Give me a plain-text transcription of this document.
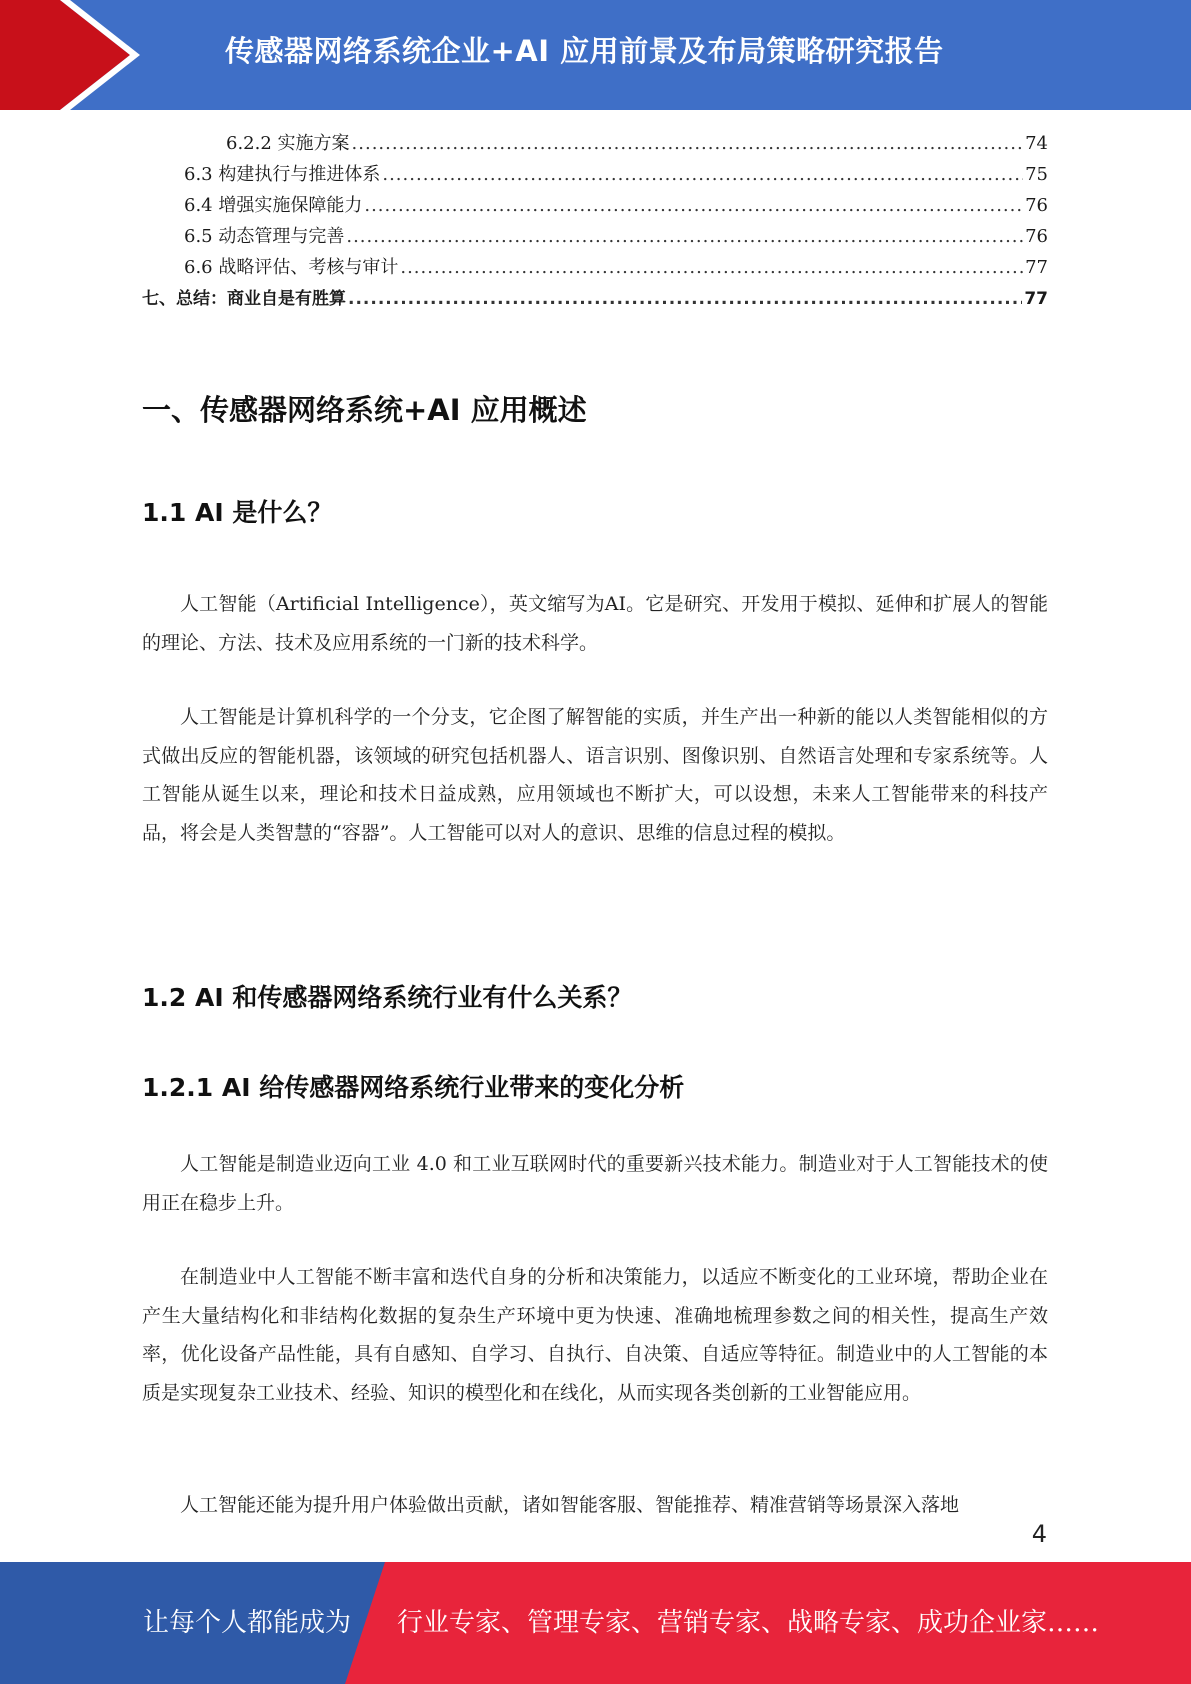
传感器网络系统企业+AI 应用前景及布局策略研究报告
6.2.2 实施方案 .....	74
6.3 构建执行与推进体系 .....	75
6.4 增强实施保障能力 .....	76
6.5 动态管理与完善 .....	76
6.6 战略评估、考核与审计 .....	77
七、总结：商业自是有胜算 .....	77
一、传感器网络系统+AI 应用概述
1.1 AI 是什么？

人工智能（Artificial Intelligence），英文缩写为AI。它是研究、开发用于模拟、延伸和扩展人的智能的理论、方法、技术及应用系统的一门新的技术科学。

人工智能是计算机科学的一个分支，它企图了解智能的实质，并生产出一种新的能以人类智能相似的方式做出反应的智能机器，该领域的研究包括机器人、语言识别、图像识别、自然语言处理和专家系统等。人工智能从诞生以来，理论和技术日益成熟，应用领域也不断扩大，可以设想，未来人工智能带来的科技产品，将会是人类智慧的“容器”。人工智能可以对人的意识、思维的信息过程的模拟。

1.2 AI 和传感器网络系统行业有什么关系？
1.2.1 AI 给传感器网络系统行业带来的变化分析

人工智能是制造业迈向工业 4.0 和工业互联网时代的重要新兴技术能力。制造业对于人工智能技术的使用正在稳步上升。

在制造业中人工智能不断丰富和迭代自身的分析和决策能力，以适应不断变化的工业环境，帮助企业在产生大量结构化和非结构化数据的复杂生产环境中更为快速、准确地梳理参数之间的相关性，提高生产效率，优化设备产品性能，具有自感知、自学习、自执行、自决策、自适应等特征。制造业中的人工智能的本质是实现复杂工业技术、经验、知识的模型化和在线化，从而实现各类创新的工业智能应用。

人工智能还能为提升用户体验做出贡献，诸如智能客服、智能推荐、精准营销等场景深入落地

4
让每个人都能成为 行业专家、管理专家、营销专家、战略专家、成功企业家……
